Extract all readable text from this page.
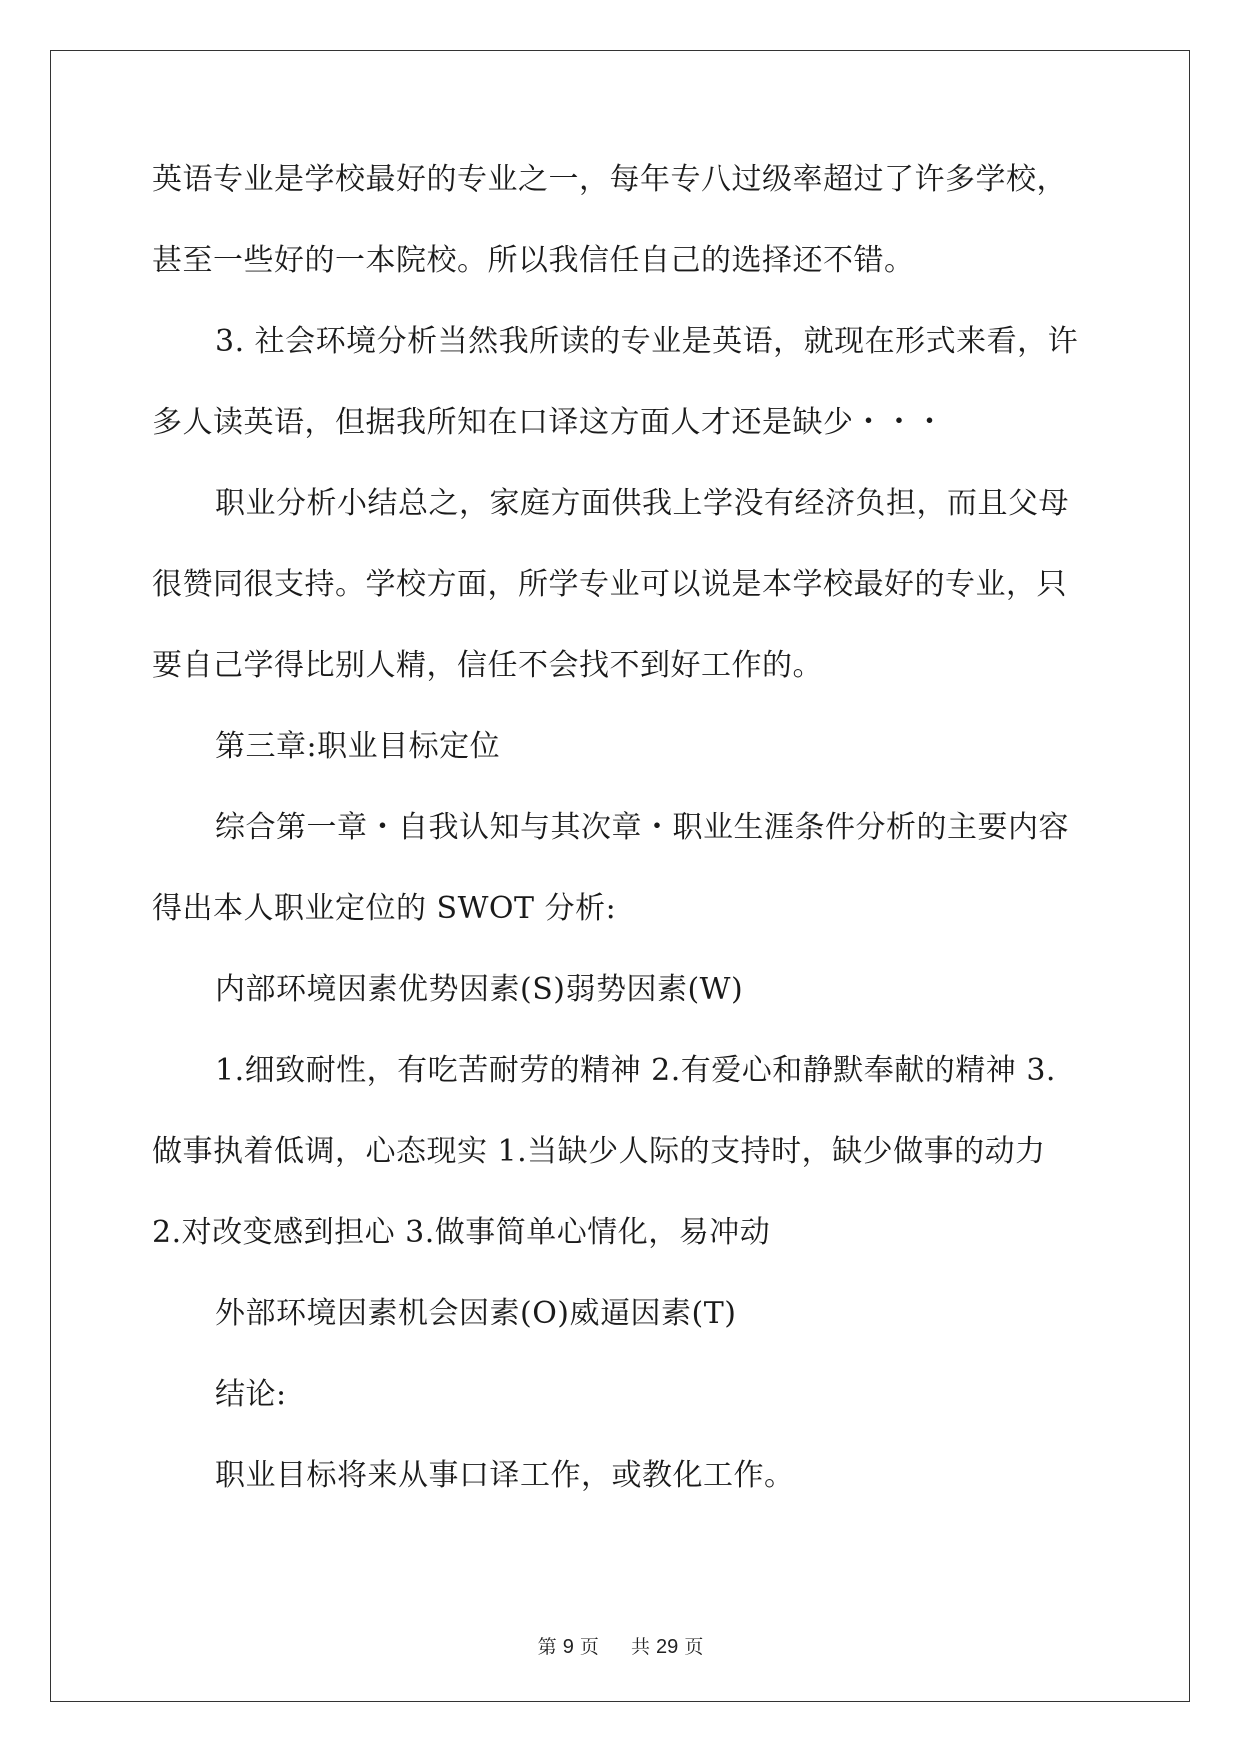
英语专业是学校最好的专业之一，每年专八过级率超过了许多学校，
甚至一些好的一本院校。所以我信任自己的选择还不错。
3. 社会环境分析当然我所读的专业是英语，就现在形式来看，许
多人读英语，但据我所知在口译这方面人才还是缺少・・・
职业分析小结总之，家庭方面供我上学没有经济负担，而且父母
很赞同很支持。学校方面，所学专业可以说是本学校最好的专业，只
要自己学得比别人精，信任不会找不到好工作的。
第三章:职业目标定位
综合第一章・自我认知与其次章・职业生涯条件分析的主要内容
得出本人职业定位的 SWOT 分析:
内部环境因素优势因素(S)弱势因素(W)
1.细致耐性，有吃苦耐劳的精神 2.有爱心和静默奉献的精神 3.
做事执着低调，心态现实 1.当缺少人际的支持时，缺少做事的动力
2.对改变感到担心 3.做事简单心情化，易冲动
外部环境因素机会因素(O)威逼因素(T)
结论:
职业目标将来从事口译工作，或教化工作。
第 9 页 共 29 页
